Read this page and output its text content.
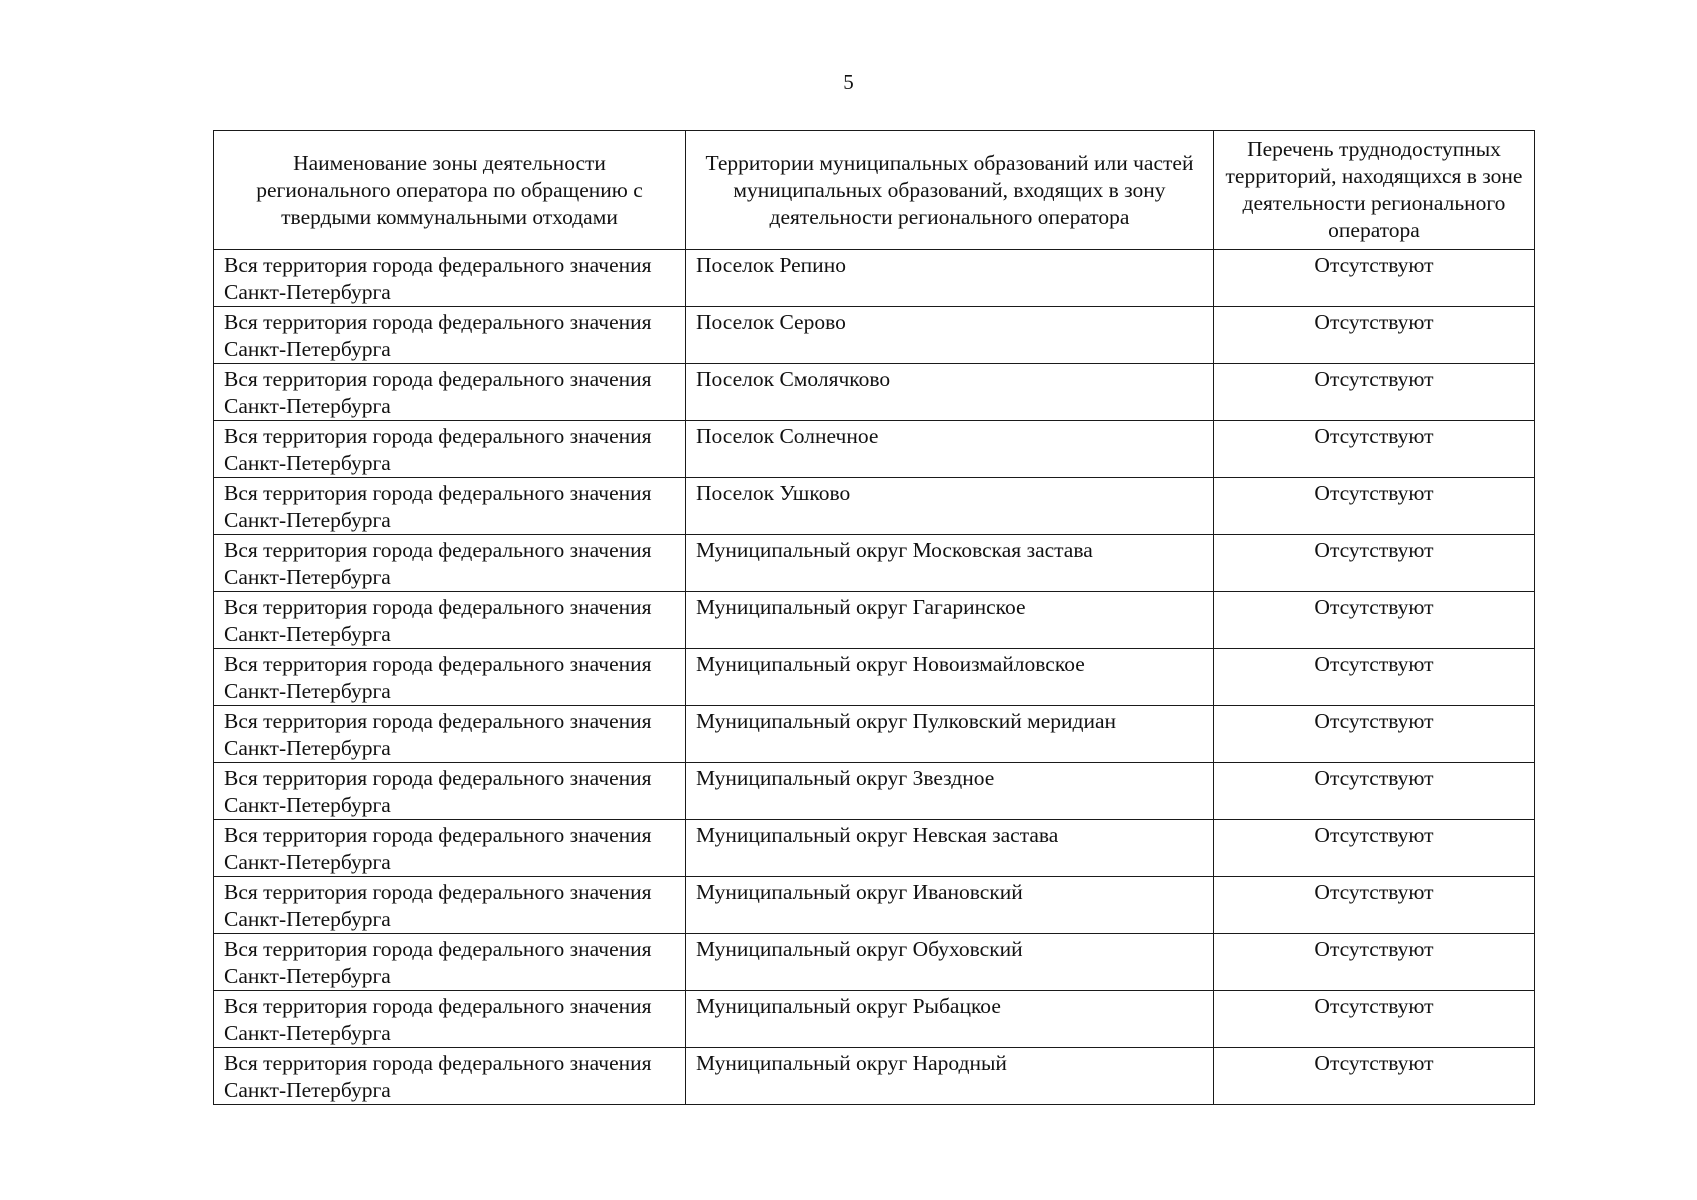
5
Наименование зоны деятельности регионального оператора по обращению с твердыми коммунальными отходами	Территории муниципальных образований или частей муниципальных образований, входящих в зону деятельности регионального оператора	Перечень труднодоступных территорий, находящихся в зоне деятельности регионального оператора
Вся территория города федерального значения Санкт-Петербурга	Поселок Репино	Отсутствуют
Вся территория города федерального значения Санкт-Петербурга	Поселок Серово	Отсутствуют
Вся территория города федерального значения Санкт-Петербурга	Поселок Смолячково	Отсутствуют
Вся территория города федерального значения Санкт-Петербурга	Поселок Солнечное	Отсутствуют
Вся территория города федерального значения Санкт-Петербурга	Поселок Ушково	Отсутствуют
Вся территория города федерального значения Санкт-Петербурга	Муниципальный округ Московская застава	Отсутствуют
Вся территория города федерального значения Санкт-Петербурга	Муниципальный округ Гагаринское	Отсутствуют
Вся территория города федерального значения Санкт-Петербурга	Муниципальный округ Новоизмайловское	Отсутствуют
Вся территория города федерального значения Санкт-Петербурга	Муниципальный округ Пулковский меридиан	Отсутствуют
Вся территория города федерального значения Санкт-Петербурга	Муниципальный округ Звездное	Отсутствуют
Вся территория города федерального значения Санкт-Петербурга	Муниципальный округ Невская застава	Отсутствуют
Вся территория города федерального значения Санкт-Петербурга	Муниципальный округ Ивановский	Отсутствуют
Вся территория города федерального значения Санкт-Петербурга	Муниципальный округ Обуховский	Отсутствуют
Вся территория города федерального значения Санкт-Петербурга	Муниципальный округ Рыбацкое	Отсутствуют
Вся территория города федерального значения Санкт-Петербурга	Муниципальный округ Народный	Отсутствуют
